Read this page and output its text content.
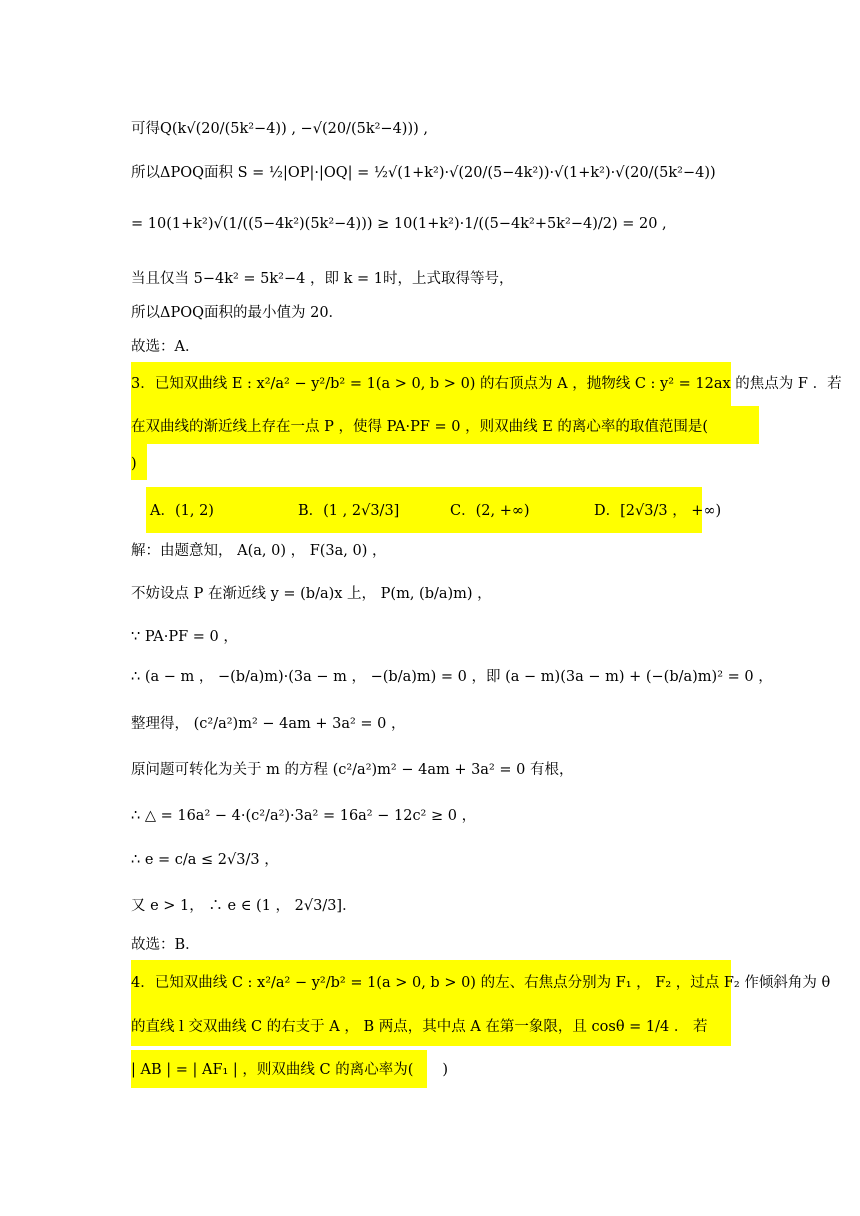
可得Q(k√(20/(5k²−4)) , −√(20/(5k²−4))) ,
所以ΔPOQ面积 S = ½|OP|·|OQ| = ½√(1+k²)·√(20/(5−4k²))·√(1+k²)·√(20/(5k²−4))
= 10(1+k²)√(1/((5−4k²)(5k²−4))) ≥ 10(1+k²)·1/((5−4k²+5k²−4)/2) = 20 ,
当且仅当 5−4k² = 5k²−4 ，即 k = 1时，上式取得等号，
所以ΔPOQ面积的最小值为 20．
故选：A．
3．已知双曲线 E : x²/a² − y²/b² = 1(a > 0, b > 0) 的右顶点为 A ，抛物线 C : y² = 12ax 的焦点为 F ．若
在双曲线的渐近线上存在一点 P ，使得 PA·PF = 0 ，则双曲线 E 的离心率的取值范围是(
)
A．(1, 2)	B．(1 , 2√3/3]	C．(2, +∞)	D．[2√3/3 ， +∞)
解：由题意知， A(a, 0) ， F(3a, 0) ，
不妨设点 P 在渐近线 y = (b/a)x 上， P(m, (b/a)m) ，
∵ PA·PF = 0 ，
∴ (a − m ， −(b/a)m)·(3a − m ， −(b/a)m) = 0 ，即 (a − m)(3a − m) + (−(b/a)m)² = 0 ，
整理得， (c²/a²)m² − 4am + 3a² = 0 ，
原问题可转化为关于 m 的方程 (c²/a²)m² − 4am + 3a² = 0 有根，
∴ △ = 16a² − 4·(c²/a²)·3a² = 16a² − 12c² ≥ 0 ，
∴ e = c/a ≤ 2√3/3 ，
又 e > 1， ∴ e ∈ (1 ， 2√3/3]．
故选：B．
4．已知双曲线 C : x²/a² − y²/b² = 1(a > 0, b > 0) 的左、右焦点分别为 F₁ ， F₂ ，过点 F₂ 作倾斜角为 θ
的直线 l 交双曲线 C 的右支于 A ， B 两点，其中点 A 在第一象限，且 cosθ = 1/4 ． 若
| AB | = | AF₁ | ，则双曲线 C 的离心率为(　　)
